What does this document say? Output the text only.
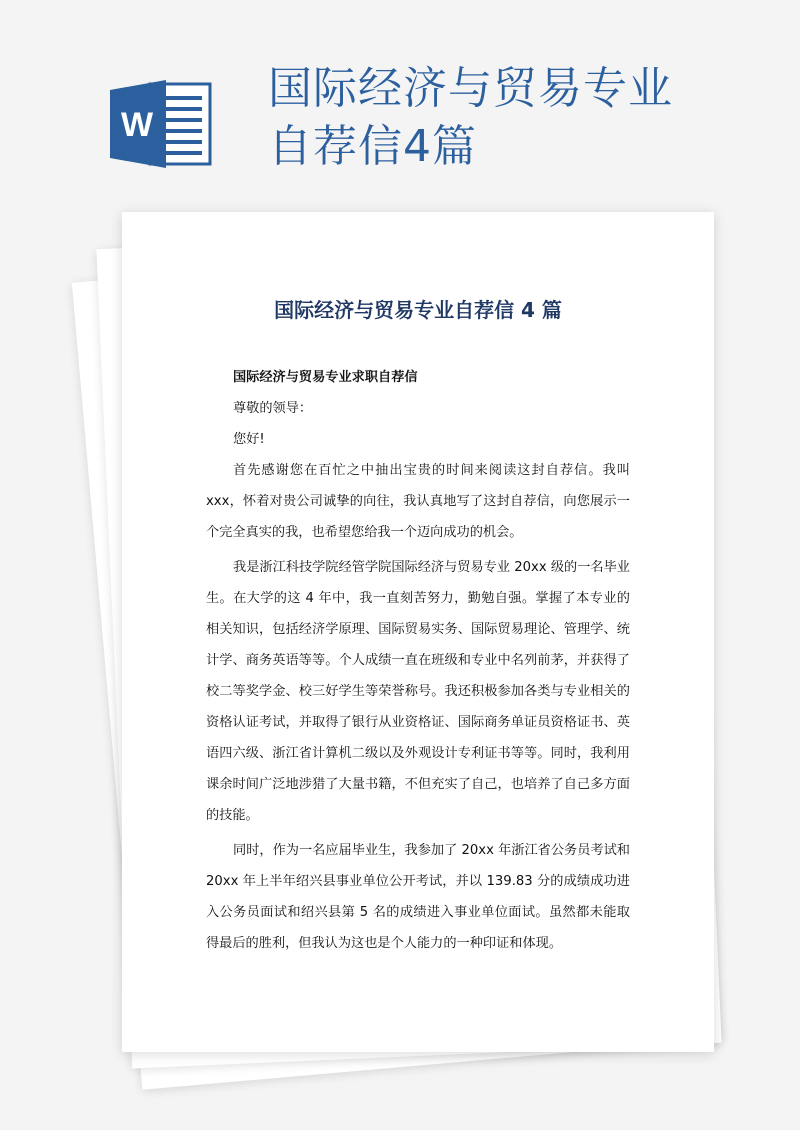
W
国际经济与贸易专业自荐信4篇
国际经济与贸易专业自荐信 4 篇

国际经济与贸易专业求职自荐信

尊敬的领导：

您好!

首先感谢您在百忙之中抽出宝贵的时间来阅读这封自荐信。我叫 xxx，怀着对贵公司诚挚的向往，我认真地写了这封自荐信，向您展示一个完全真实的我，也希望您给我一个迈向成功的机会。

我是浙江科技学院经管学院国际经济与贸易专业 20xx 级的一名毕业生。在大学的这 4 年中，我一直刻苦努力，勤勉自强。掌握了本专业的相关知识，包括经济学原理、国际贸易实务、国际贸易理论、管理学、统计学、商务英语等等。个人成绩一直在班级和专业中名列前茅，并获得了校二等奖学金、校三好学生等荣誉称号。我还积极参加各类与专业相关的资格认证考试，并取得了银行从业资格证、国际商务单证员资格证书、英语四六级、浙江省计算机二级以及外观设计专利证书等等。同时，我利用课余时间广泛地涉猎了大量书籍，不但充实了自己，也培养了自己多方面的技能。

同时，作为一名应届毕业生，我参加了 20xx 年浙江省公务员考试和 20xx 年上半年绍兴县事业单位公开考试，并以 139.83 分的成绩成功进入公务员面试和绍兴县第 5 名的成绩进入事业单位面试。虽然都未能取得最后的胜利，但我认为这也是个人能力的一种印证和体现。
